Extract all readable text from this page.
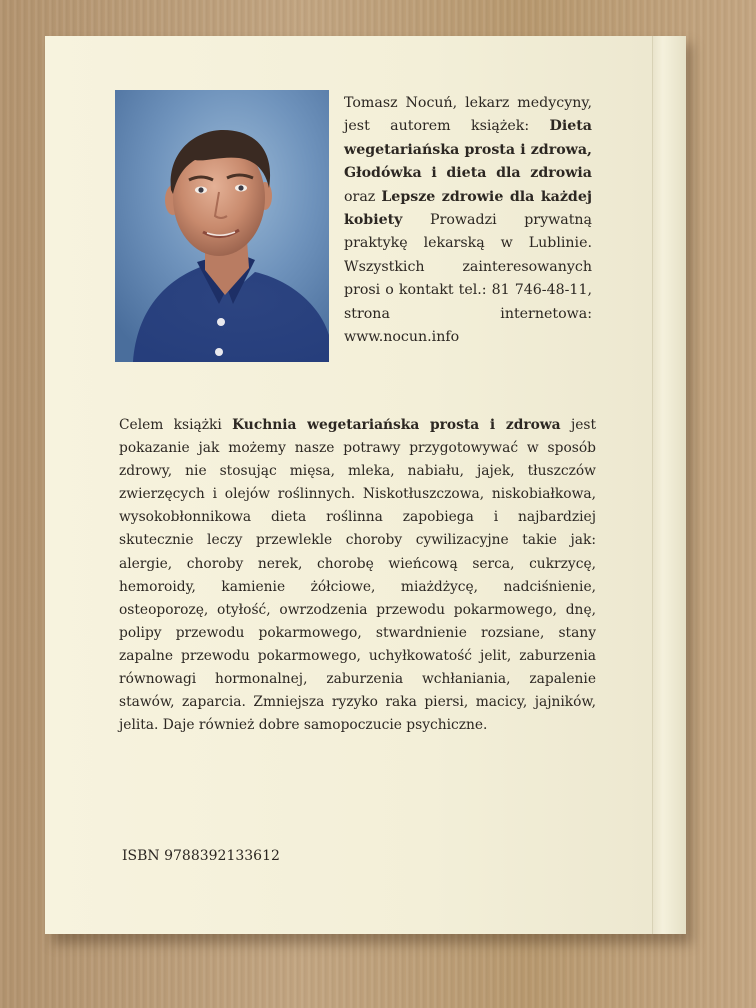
Tomasz Nocuń, lekarz medycyny, jest autorem książek: Dieta wegetariańska prosta i zdrowa, Głodówka i dieta dla zdrowia oraz Lepsze zdrowie dla każdej kobiety Prowadzi prywatną praktykę lekarską w Lublinie. Wszystkich zainteresowanych prosi o kontakt tel.: 81 746-48-11, strona internetowa: www.nocun.info
Celem książki Kuchnia wegetariańska prosta i zdrowa jest pokazanie jak możemy nasze potrawy przygotowywać w sposób zdrowy, nie stosując mięsa, mleka, nabiału, jajek, tłuszczów zwierzęcych i olejów roślinnych. Niskotłuszczowa, niskobiałkowa, wysokobłonnikowa dieta roślinna zapobiega i najbardziej skutecznie leczy przewlekle choroby cywilizacyjne takie jak: alergie, choroby nerek, chorobę wieńcową serca, cukrzycę, hemoroidy, kamienie żółciowe, miażdżycę, nadciśnienie, osteoporozę, otyłość, owrzodzenia przewodu pokarmowego, dnę, polipy przewodu pokarmowego, stwardnienie rozsiane, stany zapalne przewodu pokarmowego, uchyłkowatość jelit, zaburzenia równowagi hormonalnej, zaburzenia wchłaniania, zapalenie stawów, zaparcia. Zmniejsza ryzyko raka piersi, macicy, jajników, jelita. Daje również dobre samopoczucie psychiczne.
ISBN 9788392133612
